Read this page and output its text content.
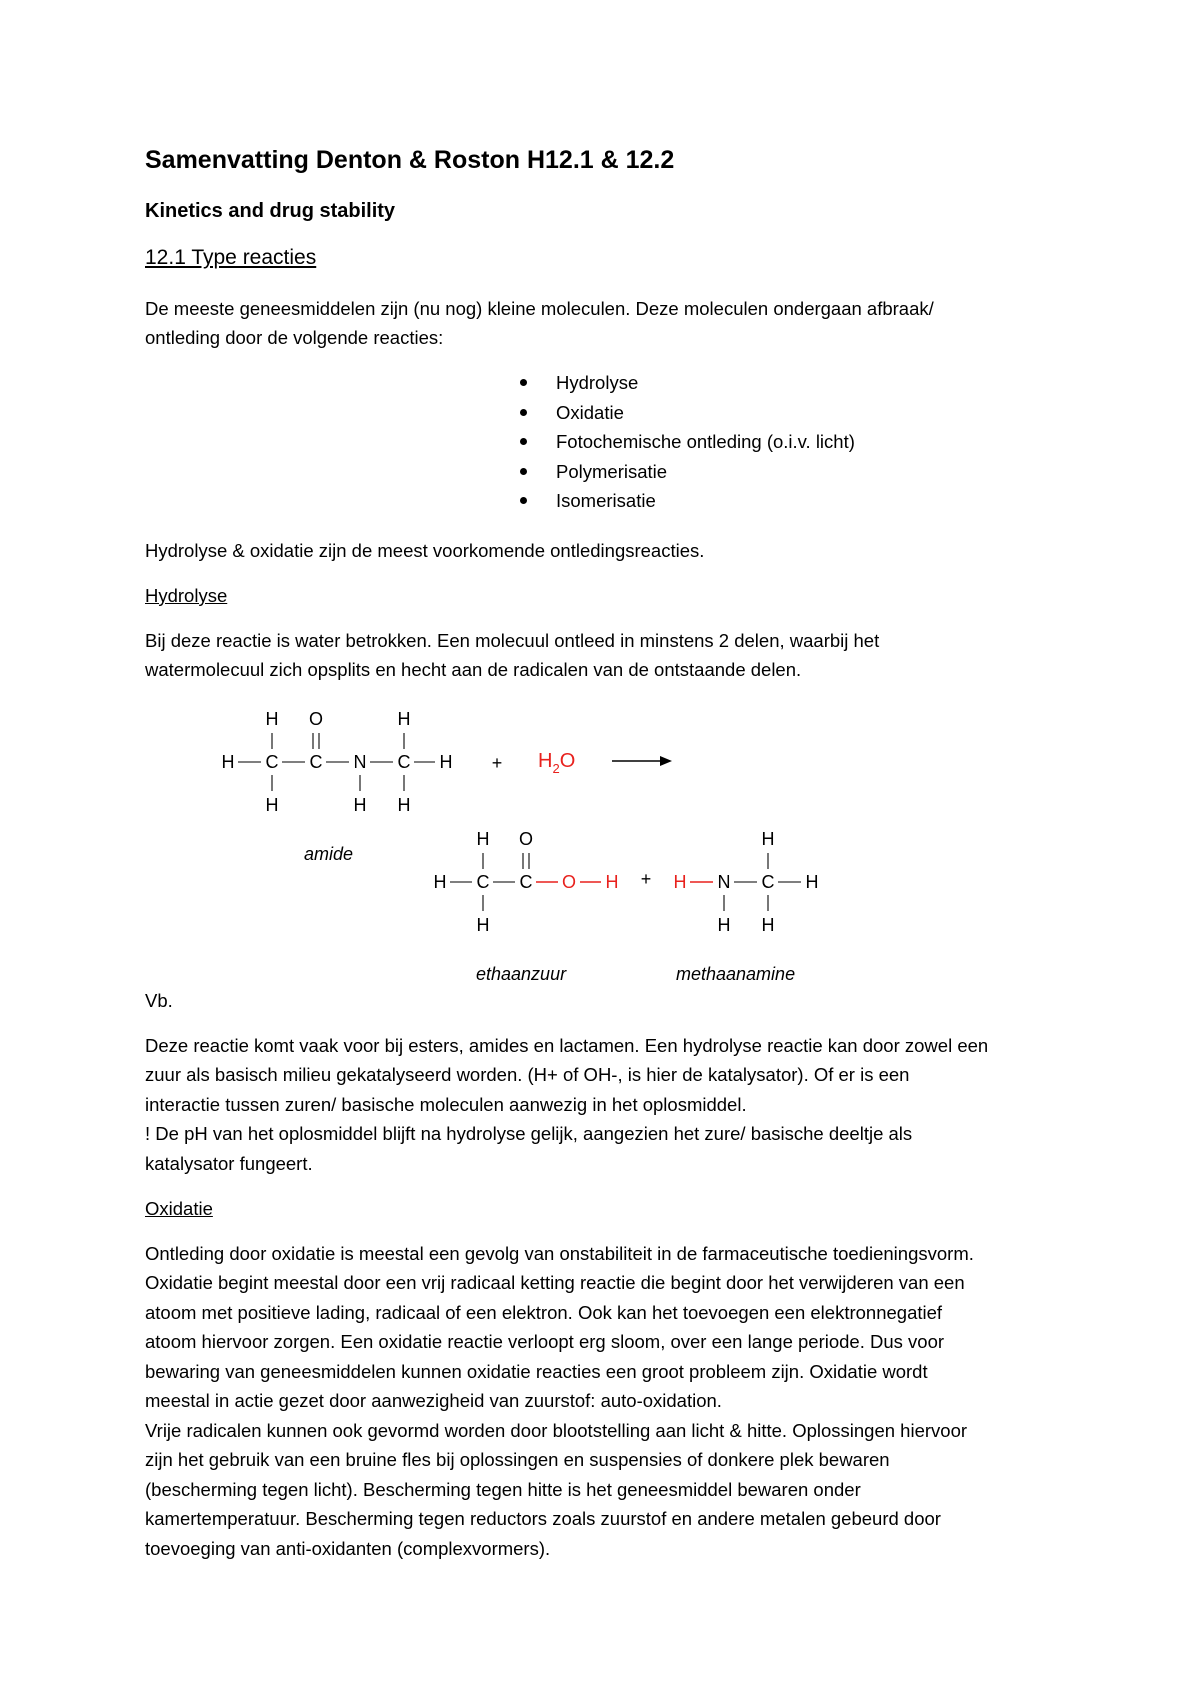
Samenvatting Denton & Roston H12.1 & 12.2
Kinetics and drug stability
12.1 Type reacties
De meeste geneesmiddelen zijn (nu nog) kleine moleculen. Deze moleculen ondergaan afbraak/
ontleding door de volgende reacties:
Hydrolyse
Oxidatie
Fotochemische ontleding (o.i.v. licht)
Polymerisatie
Isomerisatie
Hydrolyse & oxidatie zijn de meest voorkomende ontledingsreacties.
Hydrolyse
Bij deze reactie is water betrokken. Een molecuul ontleed in minstens 2 delen, waarbij het
watermolecuul zich opsplits en hecht aan de radicalen van de ontstaande delen.
H C C N C H
H O	H
H	H H
H C C O H
H O
H
H N C H
H
H H
+ $H_2O$
amide
+
ethaanzuur	methaanamine
Vb.
Deze reactie komt vaak voor bij esters, amides en lactamen. Een hydrolyse reactie kan door zowel een
zuur als basisch milieu gekatalyseerd worden. (H+ of OH-, is hier de katalysator). Of er is een
interactie tussen zuren/ basische moleculen aanwezig in het oplosmiddel.
! De pH van het oplosmiddel blijft na hydrolyse gelijk, aangezien het zure/ basische deeltje als
katalysator fungeert.
Oxidatie
Ontleding door oxidatie is meestal een gevolg van onstabiliteit in de farmaceutische toedieningsvorm.
Oxidatie begint meestal door een vrij radicaal ketting reactie die begint door het verwijderen van een
atoom met positieve lading, radicaal of een elektron. Ook kan het toevoegen een elektronnegatief
atoom hiervoor zorgen. Een oxidatie reactie verloopt erg sloom, over een lange periode. Dus voor
bewaring van geneesmiddelen kunnen oxidatie reacties een groot probleem zijn. Oxidatie wordt
meestal in actie gezet door aanwezigheid van zuurstof: auto-oxidation.
Vrije radicalen kunnen ook gevormd worden door blootstelling aan licht & hitte. Oplossingen hiervoor
zijn het gebruik van een bruine fles bij oplossingen en suspensies of donkere plek bewaren
(bescherming tegen licht). Bescherming tegen hitte is het geneesmiddel bewaren onder
kamertemperatuur. Bescherming tegen reductors zoals zuurstof en andere metalen gebeurd door
toevoeging van anti-oxidanten (complexvormers).
